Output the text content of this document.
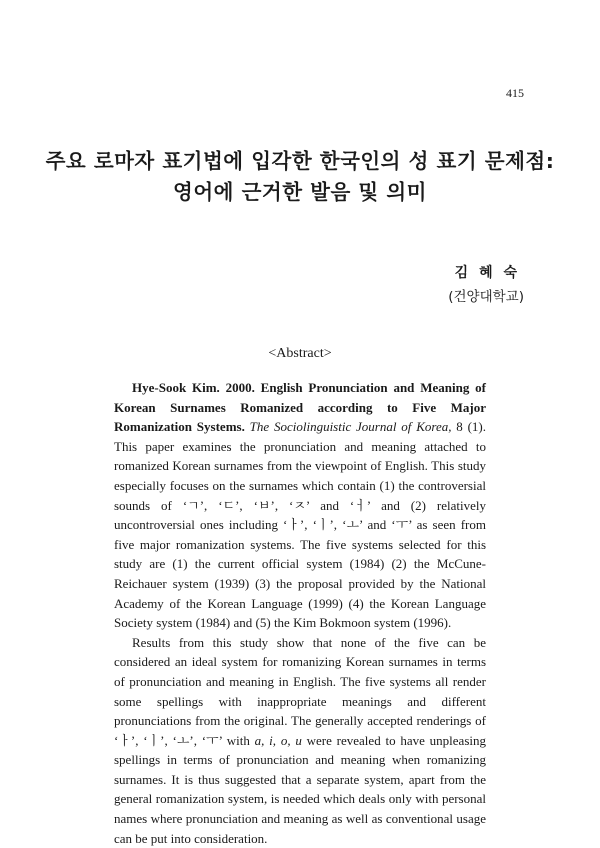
415
주요 로마자 표기법에 입각한 한국인의 성 표기 문제점:
영어에 근거한 발음 및 의미
김 혜 숙
(건양대학교)
<Abstract>

Hye-Sook Kim. 2000. English Pronunciation and Meaning of Korean Surnames Romanized according to Five Major Romanization Systems. The Sociolinguistic Journal of Korea, 8 (1). This paper examines the pronunciation and meaning attached to romanized Korean surnames from the viewpoint of English. This study especially focuses on the surnames which contain (1) the controversial sounds of ‘ㄱ’, ‘ㄷ’, ‘ㅂ’, ‘ㅈ’ and ‘ㅓ’ and (2) relatively uncontroversial ones including ‘ㅏ’, ‘ㅣ’, ‘ㅗ’ and ‘ㅜ’ as seen from five major romanization systems. The five systems selected for this study are (1) the current official system (1984) (2) the McCune-Reichauer system (1939) (3) the proposal provided by the National Academy of the Korean Language (1999) (4) the Korean Language Society system (1984) and (5) the Kim Bokmoon system (1996).

Results from this study show that none of the five can be considered an ideal system for romanizing Korean surnames in terms of pronunciation and meaning in English. The five systems all render some spellings with inappropriate meanings and different pronunciations from the original. The generally accepted renderings of ‘ㅏ’, ‘ㅣ’, ‘ㅗ’, ‘ㅜ’ with a, i, o, u were revealed to have unpleasing spellings in terms of pronunciation and meaning when romanizing surnames. It is thus suggested that a separate system, apart from the general romanization system, is needed which deals only with personal names where pronunciation and meaning as well as conventional usage can be put into consideration.
